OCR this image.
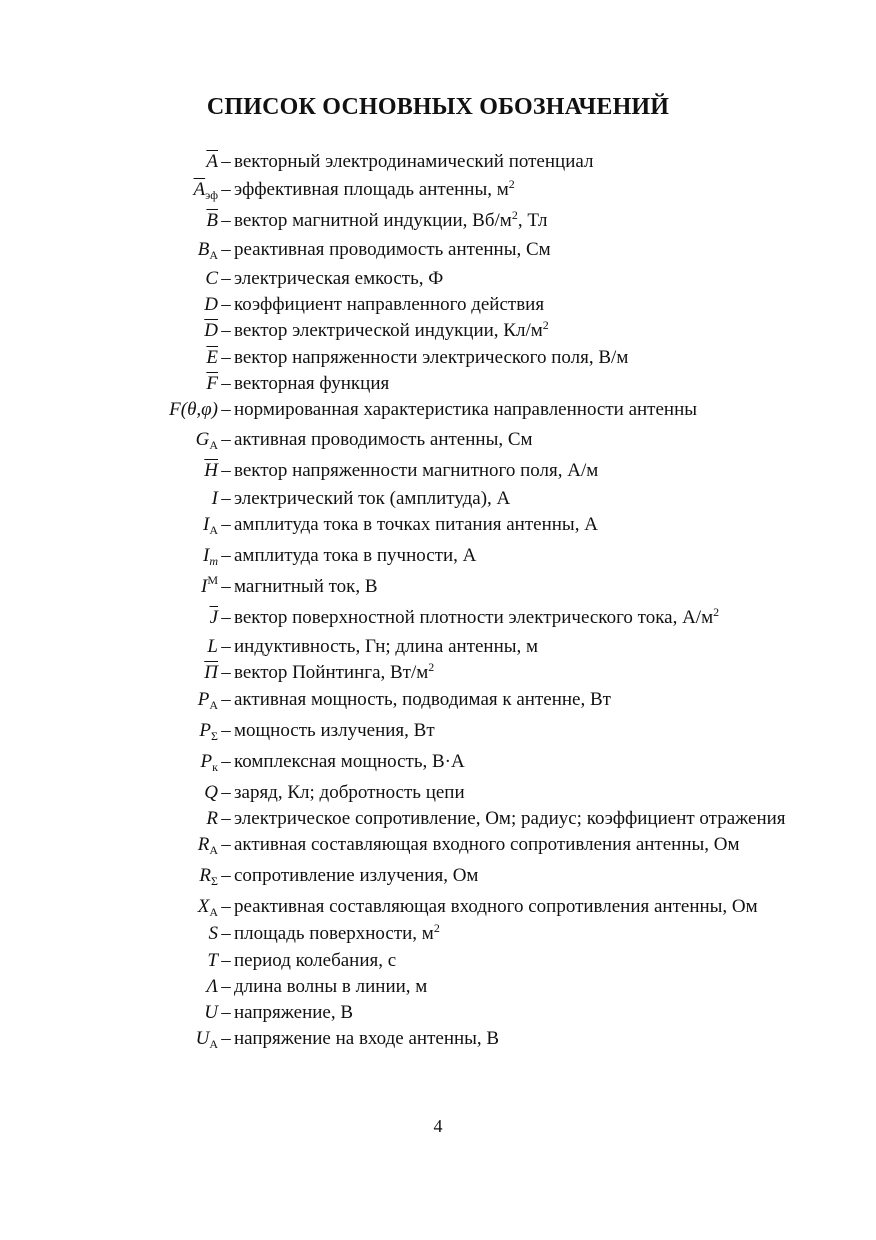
СПИСОК ОСНОВНЫХ ОБОЗНАЧЕНИЙ
$\overline{A}$ – векторный электродинамический потенциал
$\overline{A}_{эф}$ – эффективная площадь антенны, $м^2$
$\overline{B}$ – вектор магнитной индукции, $Вб/м^2$, Тл
$B_А$ – реактивная проводимость антенны, См
C – электрическая емкость, Ф
D – коэффициент направленного действия
$\overline{D}$ – вектор электрической индукции, $Кл/м^2$
$\overline{E}$ – вектор напряженности электрического поля, В/м
$\overline{F}$ – векторная функция
F(θ,φ) – нормированная характеристика направленности антенны
$G_А$ – активная проводимость антенны, См
$\overline{H}$ – вектор напряженности магнитного поля, А/м
I – электрический ток (амплитуда), А
$I_А$ – амплитуда тока в точках питания антенны, А
$I_m$ – амплитуда тока в пучности, А
$I^М$ – магнитный ток, В
$\overline{J}$ – вектор поверхностной плотности электрического тока, $А/м^2$
L – индуктивность, Гн; длина антенны, м
$\overline{\Pi}$ – вектор Пойнтинга, $Вт/м^2$
$P_А$ – активная мощность, подводимая к антенне, Вт
$P_\Sigma$ – мощность излучения, Вт
$P_к$ – комплексная мощность, В·А
Q – заряд, Кл; добротность цепи
R – электрическое сопротивление, Ом; радиус; коэффициент отражения
$R_А$ – активная составляющая входного сопротивления антенны, Ом
$R_\Sigma$ – сопротивление излучения, Ом
$X_А$ – реактивная составляющая входного сопротивления антенны, Ом
S – площадь поверхности, $м^2$
T – период колебания, с
Λ – длина волны в линии, м
U – напряжение, В
$U_А$ – напряжение на входе антенны, В
4
